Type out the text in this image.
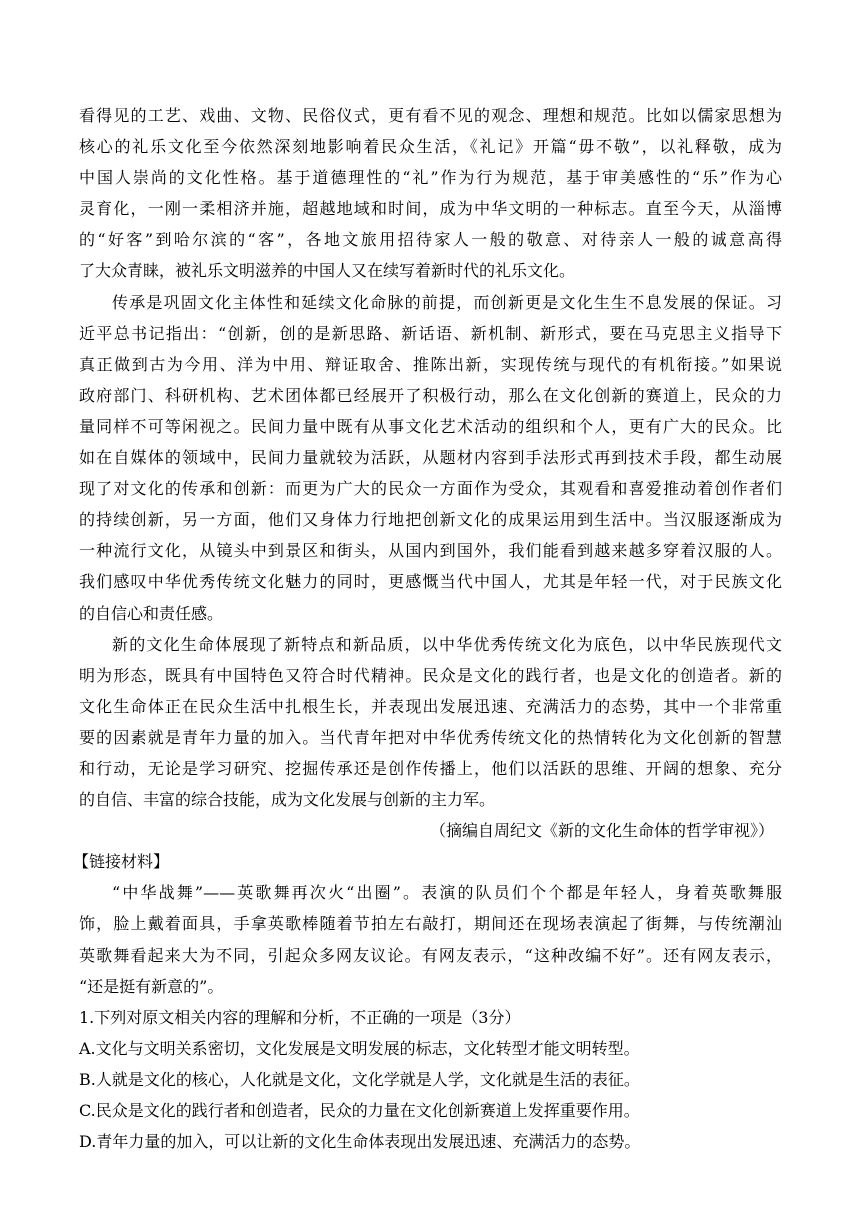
看得见的工艺、戏曲、文物、民俗仪式，更有看不见的观念、理想和规范。比如以儒家思想为
核心的礼乐文化至今依然深刻地影响着民众生活，《礼记》开篇“毋不敬”，以礼释敬，成为
中国人崇尚的文化性格。基于道德理性的“礼”作为行为规范，基于审美感性的“乐”作为心
灵育化，一刚一柔相济并施，超越地域和时间，成为中华文明的一种标志。直至今天，从淄博
的“好客”到哈尔滨的“客”，各地文旅用招待家人一般的敬意、对待亲人一般的诚意高得
了大众青睐，被礼乐文明滋养的中国人又在续写着新时代的礼乐文化。
传承是巩固文化主体性和延续文化命脉的前提，而创新更是文化生生不息发展的保证。习
近平总书记指出：“创新，创的是新思路、新话语、新机制、新形式，要在马克思主义指导下
真正做到古为今用、洋为中用、辩证取舍、推陈出新，实现传统与现代的有机衔接。”如果说
政府部门、科研机构、艺术团体都已经展开了积极行动，那么在文化创新的赛道上，民众的力
量同样不可等闲视之。民间力量中既有从事文化艺术活动的组织和个人，更有广大的民众。比
如在自媒体的领域中，民间力量就较为活跃，从题材内容到手法形式再到技术手段，都生动展
现了对文化的传承和创新：而更为广大的民众一方面作为受众，其观看和喜爱推动着创作者们
的持续创新，另一方面，他们又身体力行地把创新文化的成果运用到生活中。当汉服逐渐成为
一种流行文化，从镜头中到景区和街头，从国内到国外，我们能看到越来越多穿着汉服的人。
我们感叹中华优秀传统文化魅力的同时，更感慨当代中国人，尤其是年轻一代，对于民族文化
的自信心和责任感。
新的文化生命体展现了新特点和新品质，以中华优秀传统文化为底色，以中华民族现代文
明为形态，既具有中国特色又符合时代精神。民众是文化的践行者，也是文化的创造者。新的
文化生命体正在民众生活中扎根生长，并表现出发展迅速、充满活力的态势，其中一个非常重
要的因素就是青年力量的加入。当代青年把对中华优秀传统文化的热情转化为文化创新的智慧
和行动，无论是学习研究、挖掘传承还是创作传播上，他们以活跃的思维、开阔的想象、充分
的自信、丰富的综合技能，成为文化发展与创新的主力军。
（摘编自周纪文《新的文化生命体的哲学审视》）
【链接材料】
“中华战舞”——英歌舞再次火“出圈”。表演的队员们个个都是年轻人，身着英歌舞服
饰，脸上戴着面具，手拿英歌棒随着节拍左右敲打，期间还在现场表演起了街舞，与传统潮汕
英歌舞看起来大为不同，引起众多网友议论。有网友表示，“这种改编不好”。还有网友表示，
“还是挺有新意的”。
1.下列对原文相关内容的理解和分析，不正确的一项是（3分）
A.文化与文明关系密切，文化发展是文明发展的标志，文化转型才能文明转型。
B.人就是文化的核心，人化就是文化，文化学就是人学，文化就是生活的表征。
C.民众是文化的践行者和创造者，民众的力量在文化创新赛道上发挥重要作用。
D.青年力量的加入，可以让新的文化生命体表现出发展迅速、充满活力的态势。
